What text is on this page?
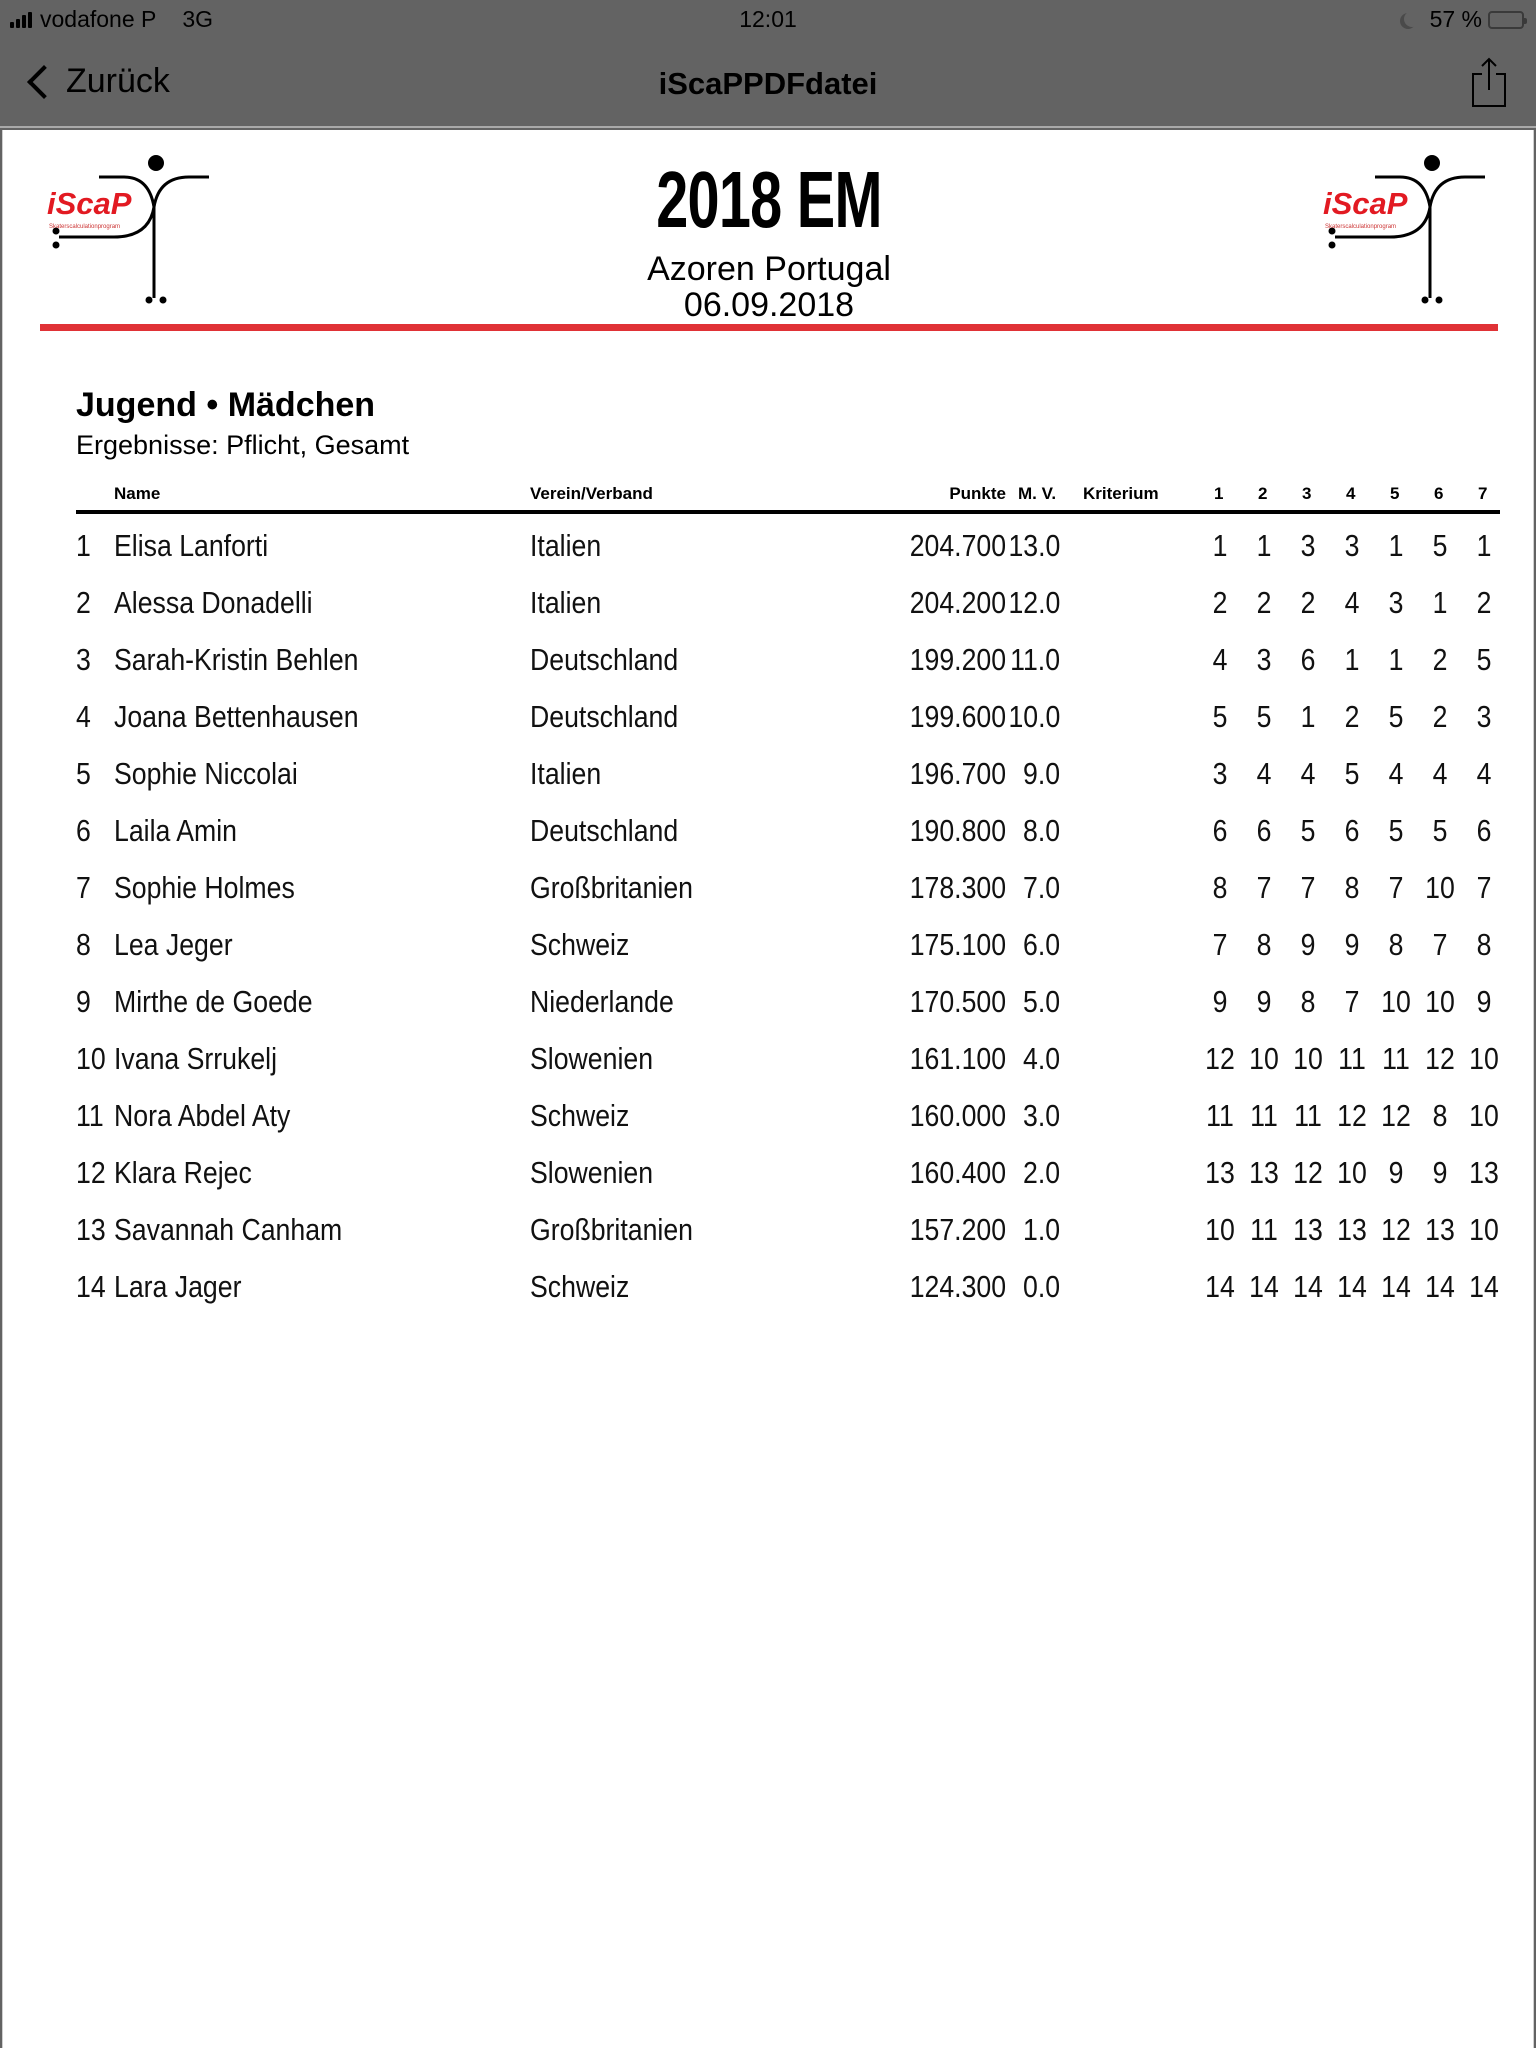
vodafone P 3G	12:01	57 %
Zurück	iScaPPDFdatei
iScaP
Skaterscalculationprogram	2018 EM
Azoren Portugal
06.09.2018
iScaP
Skaterscalculationprogram
Jugend • Mädchen
Ergebnisse: Pflicht, Gesamt
Name	Verein/Verband	Punkte M. V. Kriterium	1 2 3 4 5 6 7
1 Elisa Lanforti	Italien	204.700 13.0	1 1 3 3 1 5 1
2 Alessa Donadelli	Italien	204.200 12.0	2 2 2 4 3 1 2
3 Sarah-Kristin Behlen	Deutschland	199.200 11.0	4 3 6 1 1 2 5
4 Joana Bettenhausen	Deutschland	199.600 10.0	5 5 1 2 5 2 3
5 Sophie Niccolai	Italien	196.700 9.0	3 4 4 5 4 4 4
6 Laila Amin	Deutschland	190.800 8.0	6 6 5 6 5 5 6
7 Sophie Holmes	Großbritanien	178.300 7.0	8 7 7 8 7 10 7
8 Lea Jeger	Schweiz	175.100 6.0	7 8 9 9 8 7 8
9 Mirthe de Goede	Niederlande	170.500 5.0	9 9 8 7 10 10 9
10 Ivana Srrukelj	Slowenien	161.100 4.0	12 10 10 11 11 12 10
11 Nora Abdel Aty	Schweiz	160.000 3.0	11 11 11 12 12 8 10
12 Klara Rejec	Slowenien	160.400 2.0	13 13 12 10 9 9 13
13 Savannah Canham	Großbritanien	157.200 1.0	10 11 13 13 12 13 10
14 Lara Jager	Schweiz	124.300 0.0	14 14 14 14 14 14 14
